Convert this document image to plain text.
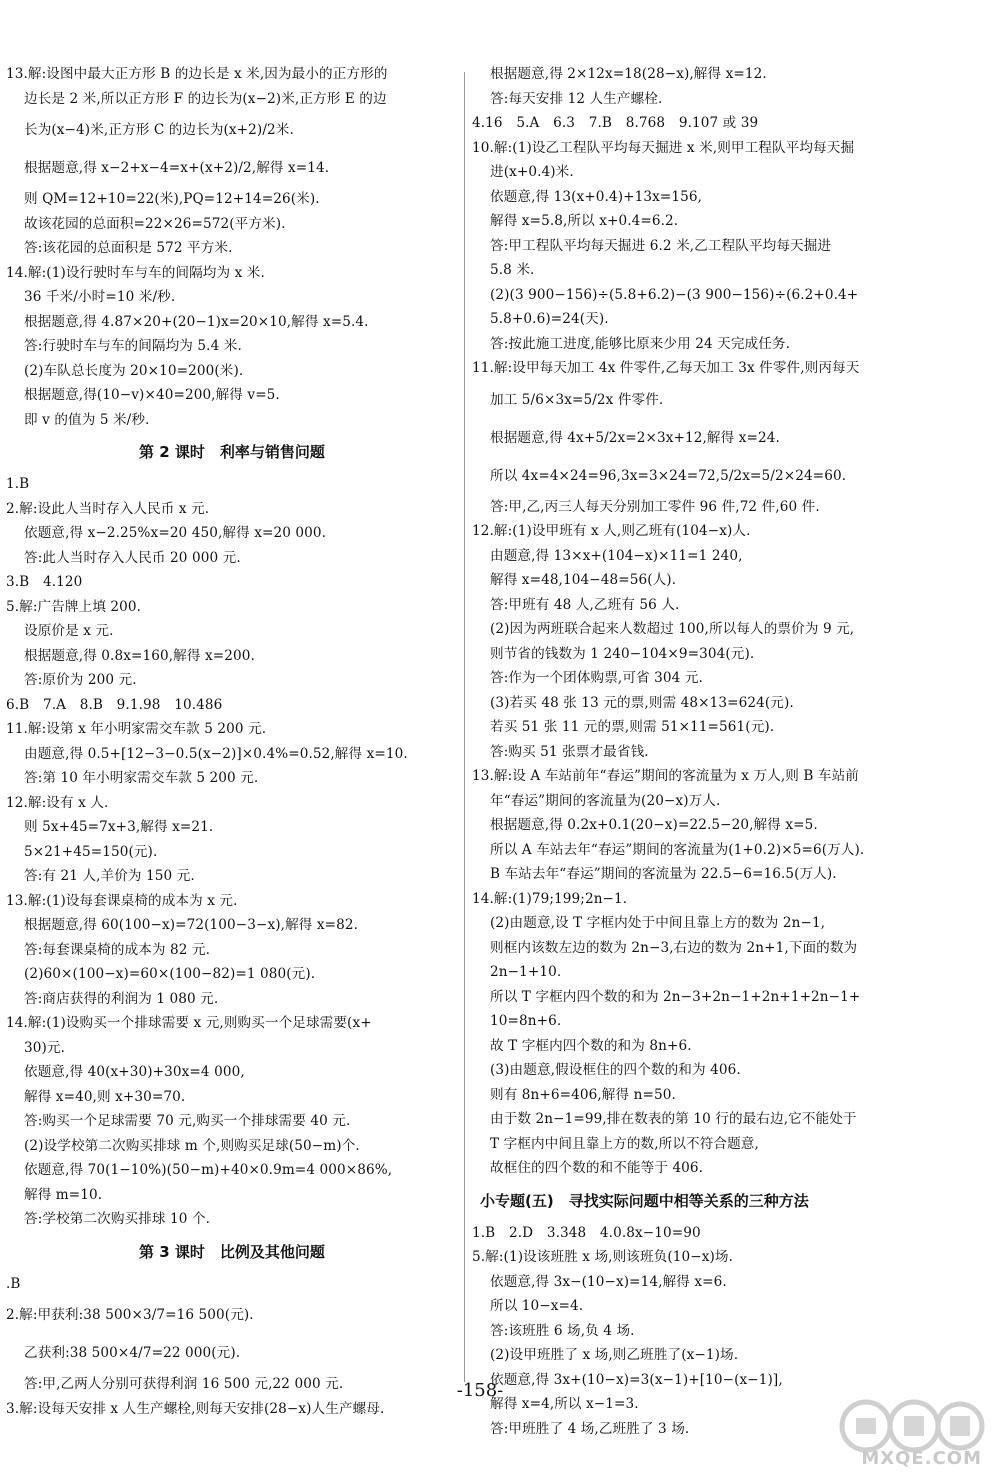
13.解:设图中最大正方形 B 的边长是 x 米,因为最小的正方形的
边长是 2 米,所以正方形 F 的边长为(x−2)米,正方形 E 的边
长为(x−4)米,正方形 C 的边长为(x+2)/2米.
根据题意,得 x−2+x−4=x+(x+2)/2,解得 x=14.
则 QM=12+10=22(米),PQ=12+14=26(米).
故该花园的总面积=22×26=572(平方米).
答:该花园的总面积是 572 平方米.
14.解:(1)设行驶时车与车的间隔均为 x 米.
36 千米/小时=10 米/秒.
根据题意,得 4.87×20+(20−1)x=20×10,解得 x=5.4.
答:行驶时车与车的间隔均为 5.4 米.
(2)车队总长度为 20×10=200(米).
根据题意,得(10−v)×40=200,解得 v=5.
即 v 的值为 5 米/秒.
第 2 课时　利率与销售问题
1.B
2.解:设此人当时存入人民币 x 元.
依题意,得 x−2.25%x=20 450,解得 x=20 000.
答:此人当时存入人民币 20 000 元.
3.B　4.120
5.解:广告牌上填 200.
设原价是 x 元.
根据题意,得 0.8x=160,解得 x=200.
答:原价为 200 元.
6.B　7.A　8.B　9.1.98　10.486
11.解:设第 x 年小明家需交车款 5 200 元.
由题意,得 0.5+[12−3−0.5(x−2)]×0.4%=0.52,解得 x=10.
答:第 10 年小明家需交车款 5 200 元.
12.解:设有 x 人.
则 5x+45=7x+3,解得 x=21.
5×21+45=150(元).
答:有 21 人,羊价为 150 元.
13.解:(1)设每套课桌椅的成本为 x 元.
根据题意,得 60(100−x)=72(100−3−x),解得 x=82.
答:每套课桌椅的成本为 82 元.
(2)60×(100−x)=60×(100−82)=1 080(元).
答:商店获得的利润为 1 080 元.
14.解:(1)设购买一个排球需要 x 元,则购买一个足球需要(x+
30)元.
依题意,得 40(x+30)+30x=4 000,
解得 x=40,则 x+30=70.
答:购买一个足球需要 70 元,购买一个排球需要 40 元.
(2)设学校第二次购买排球 m 个,则购买足球(50−m)个.
依题意,得 70(1−10%)(50−m)+40×0.9m=4 000×86%,
解得 m=10.
答:学校第二次购买排球 10 个.
第 3 课时　比例及其他问题
.B
2.解:甲获利:38 500×3/7=16 500(元).
乙获利:38 500×4/7=22 000(元).
答:甲,乙两人分别可获得利润 16 500 元,22 000 元.
3.解:设每天安排 x 人生产螺栓,则每天安排(28−x)人生产螺母.
根据题意,得 2×12x=18(28−x),解得 x=12.
答:每天安排 12 人生产螺栓.
4.16　5.A　6.3　7.B　8.768　9.107 或 39
10.解:(1)设乙工程队平均每天掘进 x 米,则甲工程队平均每天掘
进(x+0.4)米.
依题意,得 13(x+0.4)+13x=156,
解得 x=5.8,所以 x+0.4=6.2.
答:甲工程队平均每天掘进 6.2 米,乙工程队平均每天掘进
5.8 米.
(2)(3 900−156)÷(5.8+6.2)−(3 900−156)÷(6.2+0.4+
5.8+0.6)=24(天).
答:按此施工进度,能够比原来少用 24 天完成任务.
11.解:设甲每天加工 4x 件零件,乙每天加工 3x 件零件,则丙每天
加工 5/6×3x=5/2x 件零件.
根据题意,得 4x+5/2x=2×3x+12,解得 x=24.
所以 4x=4×24=96,3x=3×24=72,5/2x=5/2×24=60.
答:甲,乙,丙三人每天分别加工零件 96 件,72 件,60 件.
12.解:(1)设甲班有 x 人,则乙班有(104−x)人.
由题意,得 13×x+(104−x)×11=1 240,
解得 x=48,104−48=56(人).
答:甲班有 48 人,乙班有 56 人.
(2)因为两班联合起来人数超过 100,所以每人的票价为 9 元,
则节省的钱数为 1 240−104×9=304(元).
答:作为一个团体购票,可省 304 元.
(3)若买 48 张 13 元的票,则需 48×13=624(元).
若买 51 张 11 元的票,则需 51×11=561(元).
答:购买 51 张票才最省钱.
13.解:设 A 车站前年“春运”期间的客流量为 x 万人,则 B 车站前
年“春运”期间的客流量为(20−x)万人.
根据题意,得 0.2x+0.1(20−x)=22.5−20,解得 x=5.
所以 A 车站去年“春运”期间的客流量为(1+0.2)×5=6(万人).
B 车站去年“春运”期间的客流量为 22.5−6=16.5(万人).
14.解:(1)79;199;2n−1.
(2)由题意,设 T 字框内处于中间且靠上方的数为 2n−1,
则框内该数左边的数为 2n−3,右边的数为 2n+1,下面的数为
2n−1+10.
所以 T 字框内四个数的和为 2n−3+2n−1+2n+1+2n−1+
10=8n+6.
故 T 字框内四个数的和为 8n+6.
(3)由题意,假设框住的四个数的和为 406.
则有 8n+6=406,解得 n=50.
由于数 2n−1=99,排在数表的第 10 行的最右边,它不能处于
T 字框内中间且靠上方的数,所以不符合题意,
故框住的四个数的和不能等于 406.
小专题(五)　寻找实际问题中相等关系的三种方法
1.B　2.D　3.348　4.0.8x−10=90
5.解:(1)设该班胜 x 场,则该班负(10−x)场.
依题意,得 3x−(10−x)=14,解得 x=6.
所以 10−x=4.
答:该班胜 6 场,负 4 场.
(2)设甲班胜了 x 场,则乙班胜了(x−1)场.
依题意,得 3x+(10−x)=3(x−1)+[10−(x−1)],
解得 x=4,所以 x−1=3.
答:甲班胜了 4 场,乙班胜了 3 场.
-158-
MXQE.COM
